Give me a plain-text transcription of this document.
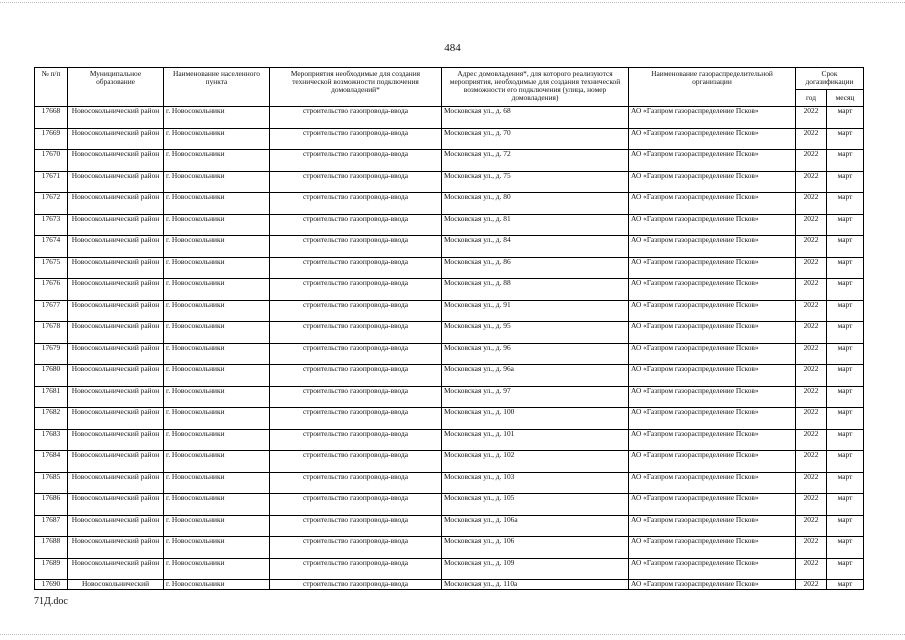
484
№ п/п	Муниципальное образование	Наименование населенного пункта	Мероприятия необходимые для создания технической возможности подключения домовладений*	Адрес домовладения*, для которого реализуются мероприятия, необходимые для создания технической возможности его подключения (улица, номер домовладения)	Наименование газораспределительной организации	Срок догазификации	
						год	месяц
17668	Новосокольнический район	г. Новосокольники	строительство газопровода-ввода	Московская ул., д. 68	АО «Газпром газораспределение Псков»	2022	март
17669	Новосокольнический район	г. Новосокольники	строительство газопровода-ввода	Московская ул., д. 70	АО «Газпром газораспределение Псков»	2022	март
17670	Новосокольнический район	г. Новосокольники	строительство газопровода-ввода	Московская ул., д. 72	АО «Газпром газораспределение Псков»	2022	март
17671	Новосокольнический район	г. Новосокольники	строительство газопровода-ввода	Московская ул., д. 75	АО «Газпром газораспределение Псков»	2022	март
17672	Новосокольнический район	г. Новосокольники	строительство газопровода-ввода	Московская ул., д. 80	АО «Газпром газораспределение Псков»	2022	март
17673	Новосокольнический район	г. Новосокольники	строительство газопровода-ввода	Московская ул., д. 81	АО «Газпром газораспределение Псков»	2022	март
17674	Новосокольнический район	г. Новосокольники	строительство газопровода-ввода	Московская ул., д. 84	АО «Газпром газораспределение Псков»	2022	март
17675	Новосокольнический район	г. Новосокольники	строительство газопровода-ввода	Московская ул., д. 86	АО «Газпром газораспределение Псков»	2022	март
17676	Новосокольнический район	г. Новосокольники	строительство газопровода-ввода	Московская ул., д. 88	АО «Газпром газораспределение Псков»	2022	март
17677	Новосокольнический район	г. Новосокольники	строительство газопровода-ввода	Московская ул., д. 91	АО «Газпром газораспределение Псков»	2022	март
17678	Новосокольнический район	г. Новосокольники	строительство газопровода-ввода	Московская ул., д. 95	АО «Газпром газораспределение Псков»	2022	март
17679	Новосокольнический район	г. Новосокольники	строительство газопровода-ввода	Московская ул., д. 96	АО «Газпром газораспределение Псков»	2022	март
17680	Новосокольнический район	г. Новосокольники	строительство газопровода-ввода	Московская ул., д. 96а	АО «Газпром газораспределение Псков»	2022	март
17681	Новосокольнический район	г. Новосокольники	строительство газопровода-ввода	Московская ул., д. 97	АО «Газпром газораспределение Псков»	2022	март
17682	Новосокольнический район	г. Новосокольники	строительство газопровода-ввода	Московская ул., д. 100	АО «Газпром газораспределение Псков»	2022	март
17683	Новосокольнический район	г. Новосокольники	строительство газопровода-ввода	Московская ул., д. 101	АО «Газпром газораспределение Псков»	2022	март
17684	Новосокольнический район	г. Новосокольники	строительство газопровода-ввода	Московская ул., д. 102	АО «Газпром газораспределение Псков»	2022	март
17685	Новосокольнический район	г. Новосокольники	строительство газопровода-ввода	Московская ул., д. 103	АО «Газпром газораспределение Псков»	2022	март
17686	Новосокольнический район	г. Новосокольники	строительство газопровода-ввода	Московская ул., д. 105	АО «Газпром газораспределение Псков»	2022	март
17687	Новосокольнический район	г. Новосокольники	строительство газопровода-ввода	Московская ул., д. 106а	АО «Газпром газораспределение Псков»	2022	март
17688	Новосокольнический район	г. Новосокольники	строительство газопровода-ввода	Московская ул., д. 106	АО «Газпром газораспределение Псков»	2022	март
17689	Новосокольнический район	г. Новосокольники	строительство газопровода-ввода	Московская ул., д. 109	АО «Газпром газораспределение Псков»	2022	март
17690	Новосокольнический	г. Новосокольники	строительство газопровода-ввода	Московская ул., д. 110а	АО «Газпром газораспределение Псков»	2022	март
71Д.doc
